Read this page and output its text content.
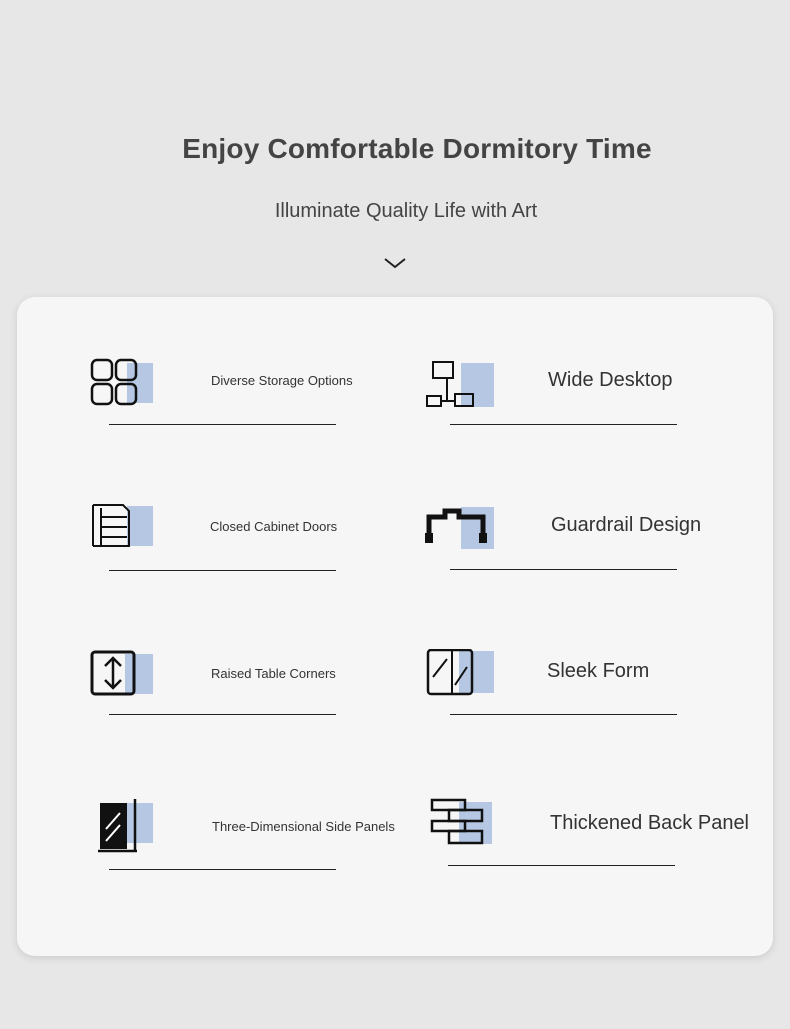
Enjoy Comfortable Dormitory Time
Illuminate Quality Life with Art
Diverse Storage Options	Wide Desktop
Closed Cabinet Doors	Guardrail Design
Raised Table Corners	Sleek Form
Three-Dimensional Side Panels	Thickened Back Panel
